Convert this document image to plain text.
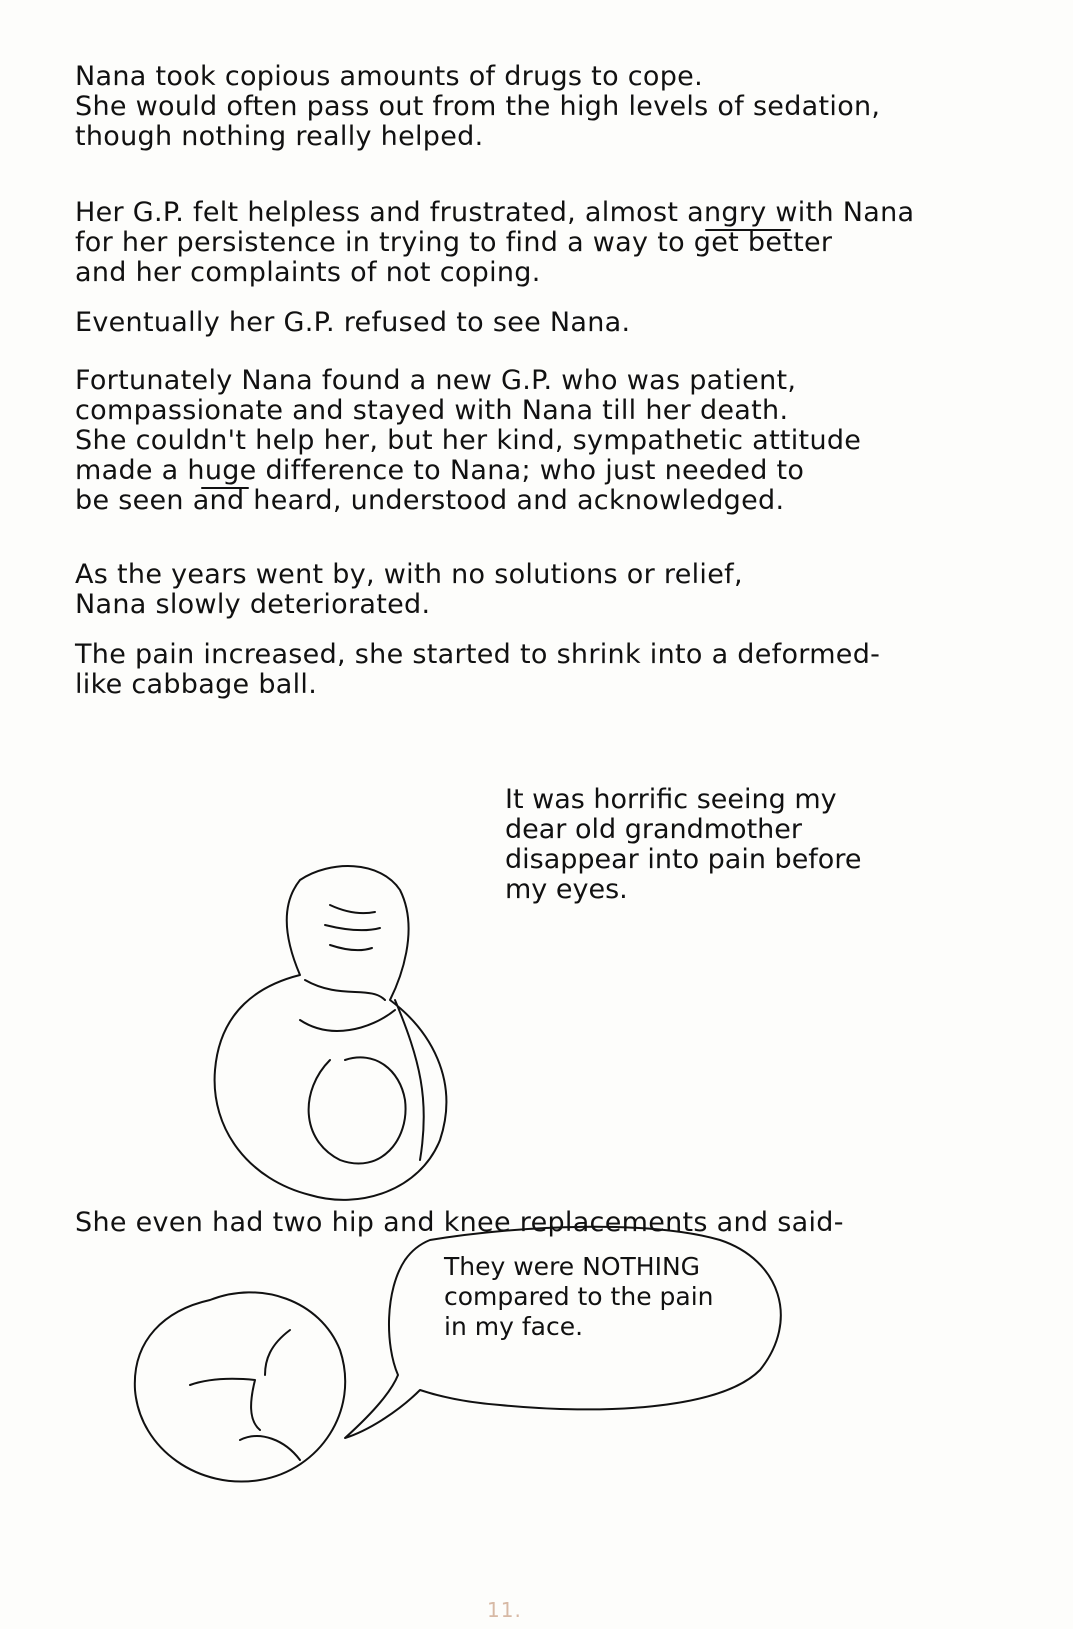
Nana took copious amounts of drugs to cope.
She would often pass out from the high levels of sedation,
though nothing really helped.
Her G.P. felt helpless and frustrated, almost angry with Nana
for her persistence in trying to find a way to get better
and her complaints of not coping.
Eventually her G.P. refused to see Nana.
Fortunately Nana found a new G.P. who was patient,
compassionate and stayed with Nana till her death.
She couldn't help her, but her kind, sympathetic attitude
made a huge difference to Nana; who just needed to
be seen and heard, understood and acknowledged.
As the years went by, with no solutions or relief,
Nana slowly deteriorated.
The pain increased, she started to shrink into a deformed-
like cabbage ball.
It was horrific seeing my
dear old grandmother
disappear into pain before
my eyes.
She even had two hip and knee replacements and said-
They were NOTHING
compared to the pain
in my face.
11.
